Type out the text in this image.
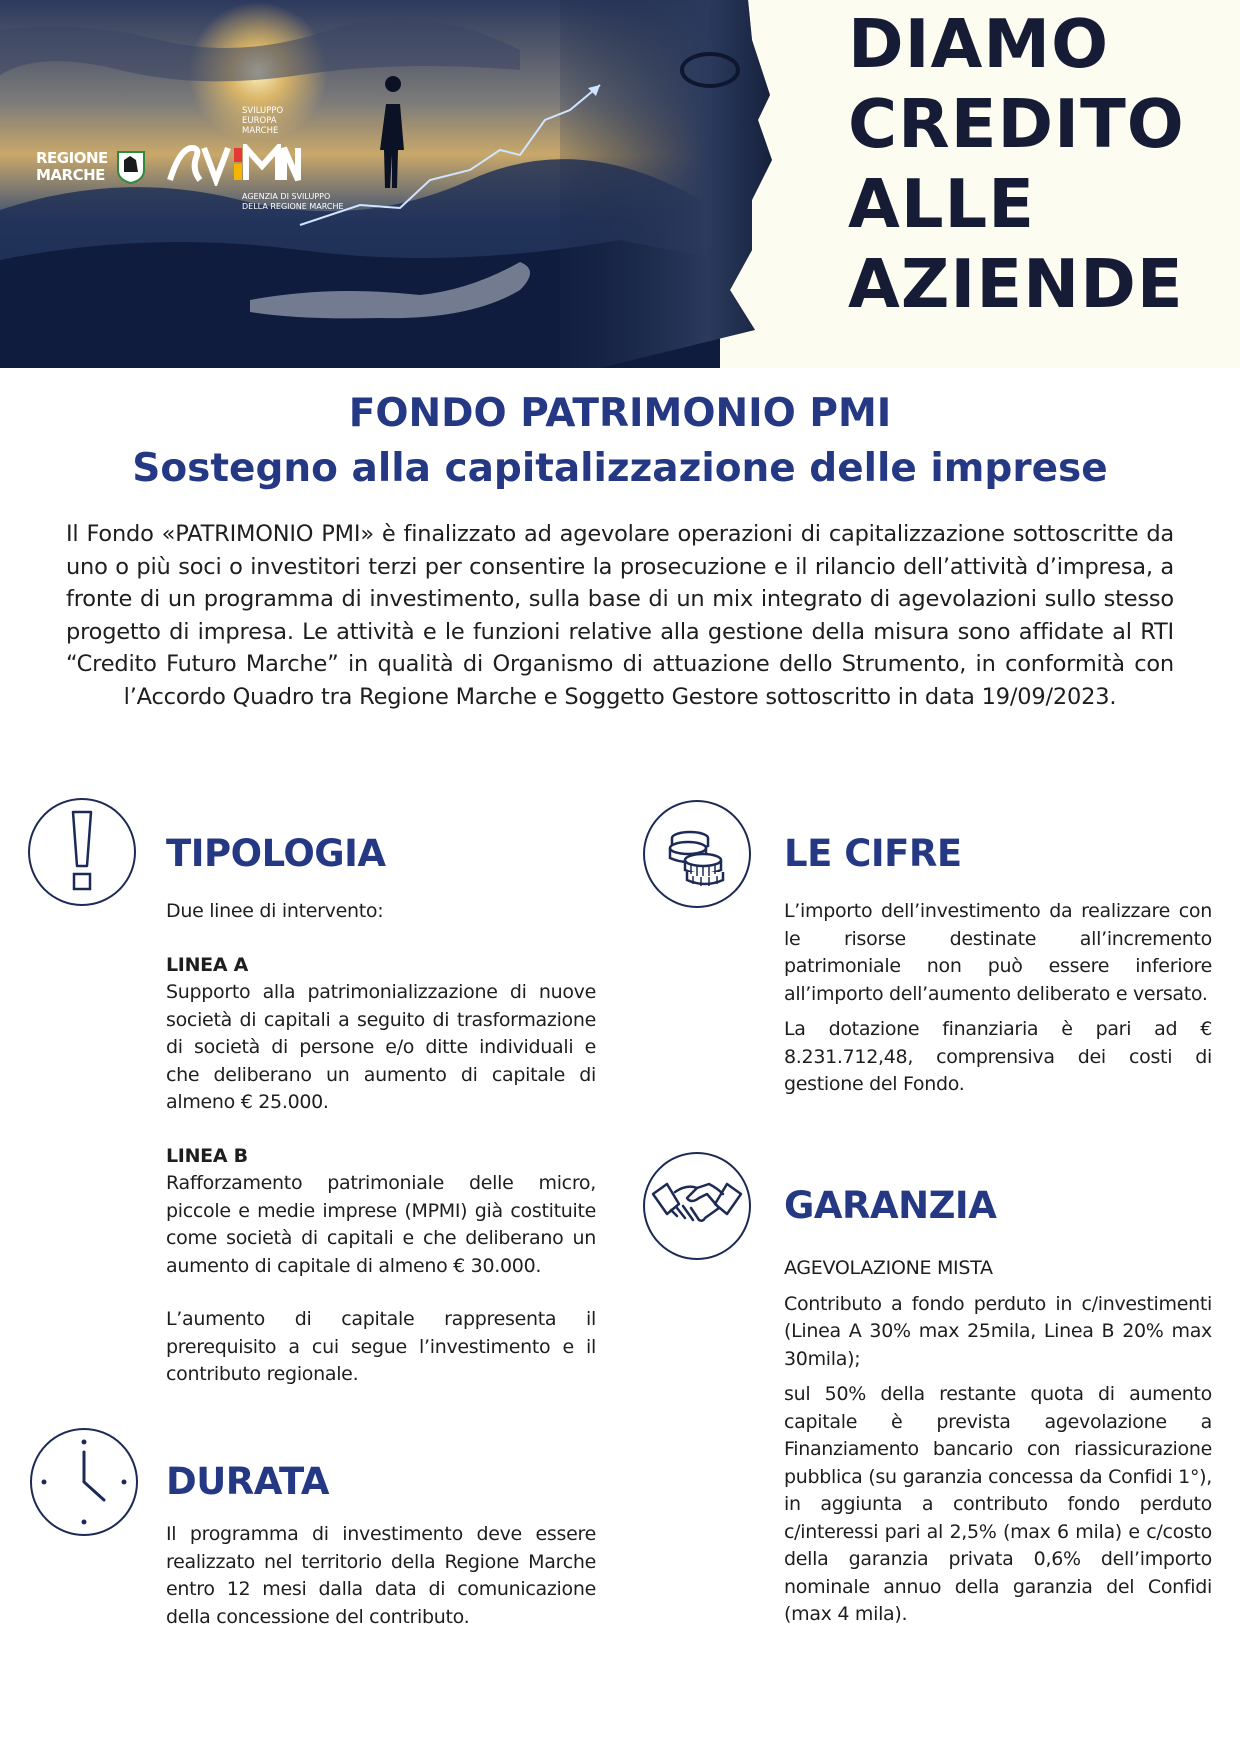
REGIONE
MARCHE
SVILUPPO
EUROPA
MARCHE
AGENZIA DI SVILUPPO
DELLA REGIONE MARCHE
DIAMO
CREDITO
ALLE
AZIENDE
FONDO PATRIMONIO PMI
Sostegno alla capitalizzazione delle imprese

Il Fondo «PATRIMONIO PMI» è finalizzato ad agevolare operazioni di capitalizzazione sottoscritte da uno o più soci o investitori terzi per consentire la prosecuzione e il rilancio dell’attività d’impresa, a fronte di un programma di investimento, sulla base di un mix integrato di agevolazioni sullo stesso progetto di impresa. Le attività e le funzioni relative alla gestione della misura sono affidate al RTI “Credito Futuro Marche” in qualità di Organismo di attuazione dello Strumento, in conformità con l’Accordo Quadro tra Regione Marche e Soggetto Gestore sottoscritto in data 19/09/2023.

TIPOLOGIA
Due linee di intervento:
LINEA A

Supporto alla patrimonializzazione di nuove società di capitali a seguito di trasformazione di società di persone e/o ditte individuali e che deliberano un aumento di capitale di almeno € 25.000.

LINEA B

Rafforzamento patrimoniale delle micro, piccole e medie imprese (MPMI) già costituite come società di capitali e che deliberano un aumento di capitale di almeno € 30.000.

L’aumento di capitale rappresenta il prerequisito a cui segue l’investimento e il contributo regionale.

DURATA

Il programma di investimento deve essere realizzato nel territorio della Regione Marche entro 12 mesi dalla data di comunicazione della concessione del contributo.

LE CIFRE

L’importo dell’investimento da realizzare con le risorse destinate all’incremento patrimoniale non può essere inferiore all’importo dell’aumento deliberato e versato.

La dotazione finanziaria è pari ad € 8.231.712,48, comprensiva dei costi di gestione del Fondo.

GARANZIA
AGEVOLAZIONE MISTA

Contributo a fondo perduto in c/investimenti (Linea A 30% max 25mila, Linea B 20% max 30mila);

sul 50% della restante quota di aumento capitale è prevista agevolazione a Finanziamento bancario con riassicurazione pubblica (su garanzia concessa da Confidi 1°), in aggiunta a contributo fondo perduto c/interessi pari al 2,5% (max 6 mila) e c/costo della garanzia privata 0,6% dell’importo nominale annuo della garanzia del Confidi (max 4 mila).
